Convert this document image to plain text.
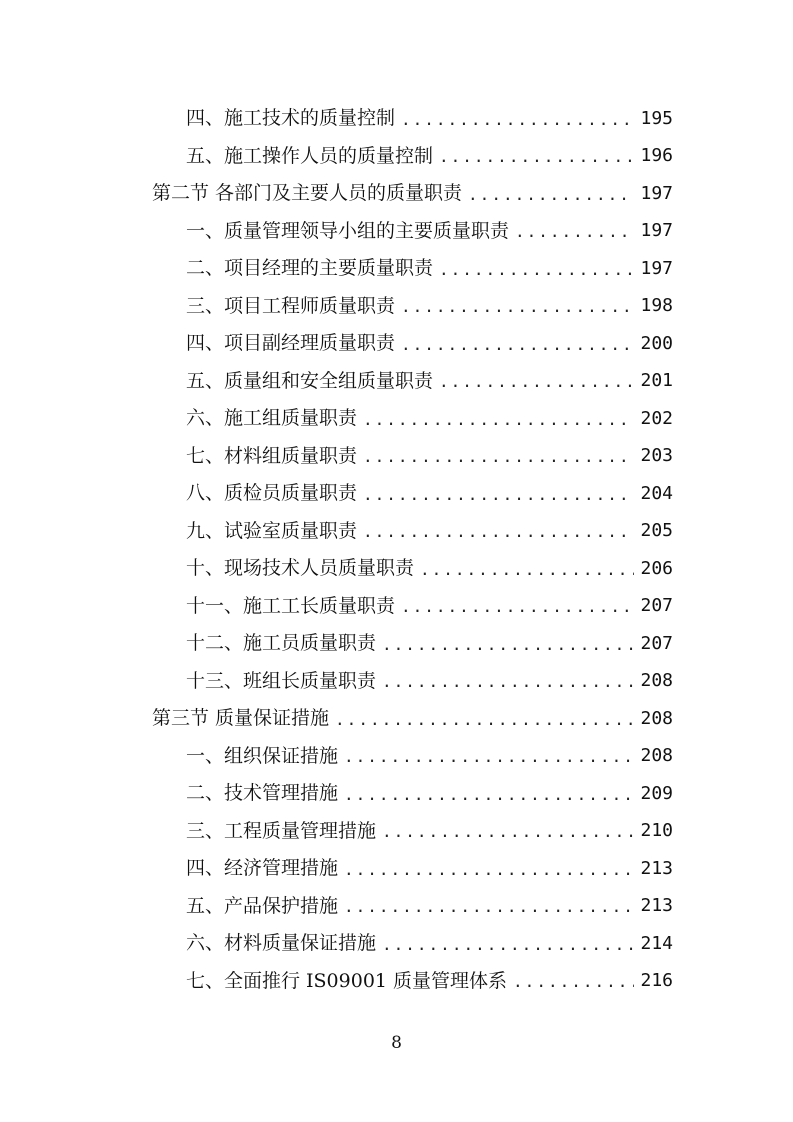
四、施工技术的质量控制 .....	195
五、施工操作人员的质量控制 .....	196
第二节 各部门及主要人员的质量职责 .....	197
一、质量管理领导小组的主要质量职责 .....	197
二、项目经理的主要质量职责 .....	197
三、项目工程师质量职责 .....	198
四、项目副经理质量职责 .....	200
五、质量组和安全组质量职责 .....	201
六、施工组质量职责 .....	202
七、材料组质量职责 .....	203
八、质检员质量职责 .....	204
九、试验室质量职责 .....	205
十、现场技术人员质量职责 .....	206
十一、施工工长质量职责 .....	207
十二、施工员质量职责 .....	207
十三、班组长质量职责 .....	208
第三节 质量保证措施 .....	208
一、组织保证措施 .....	208
二、技术管理措施 .....	209
三、工程质量管理措施 .....	210
四、经济管理措施 .....	213
五、产品保护措施 .....	213
六、材料质量保证措施 .....	214
七、全面推行 IS09001 质量管理体系 .....	216
8
